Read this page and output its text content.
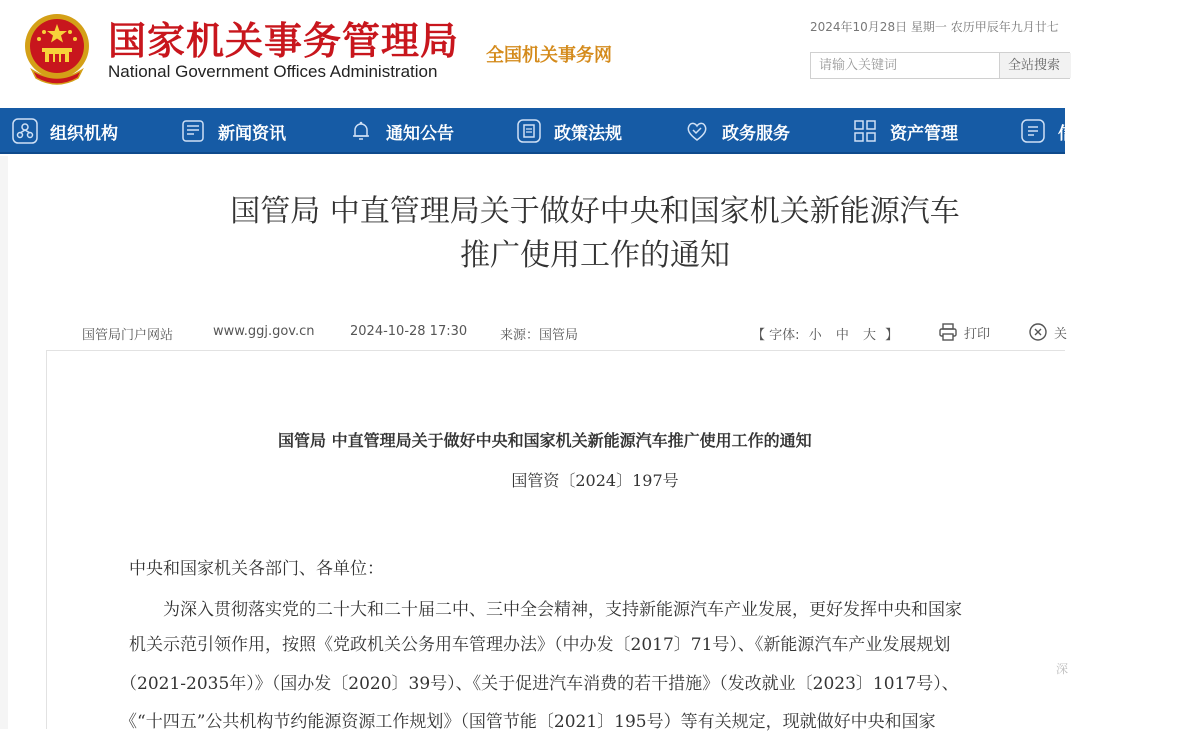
国家机关事务管理局
National Government Offices Administration
全国机关事务网
2024年10月28日 星期一 农历甲辰年九月廿七
请输入关键词
全站搜索
组织机构	新闻资讯	通知公告	政策法规	政务服务	资产管理	信
国管局 中直管理局关于做好中央和国家机关新能源汽车
推广使用工作的通知
国管局门户网站	www.ggj.gov.cn	2024-10-28 17:30	来源：国管局	【 字体: 小 中 大 】	打印	关
国管局 中直管理局关于做好中央和国家机关新能源汽车推广使用工作的通知
国管资〔2024〕197号
中央和国家机关各部门、各单位：
为深入贯彻落实党的二十大和二十届二中、三中全会精神，支持新能源汽车产业发展，更好发挥中央和国家
机关示范引领作用，按照《党政机关公务用车管理办法》（中办发〔2017〕71号）、《新能源汽车产业发展规划
（2021-2035年）》（国办发〔2020〕39号）、《关于促进汽车消费的若干措施》（发改就业〔2023〕1017号）、
《“十四五”公共机构节约能源资源工作规划》（国管节能〔2021〕195号）等有关规定，现就做好中央和国家
深
